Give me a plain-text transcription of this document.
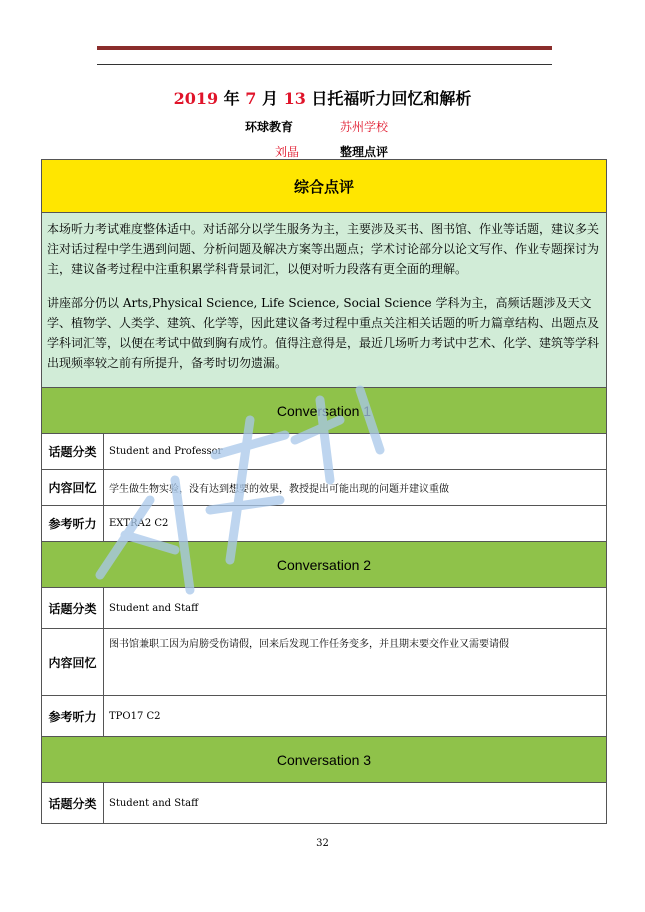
2019 年 7 月 13 日托福听力回忆和解析
环球教育	苏州学校
刘晶	整理点评
综合点评	

本场听力考试难度整体适中。对话部分以学生服务为主，主要涉及买书、图书馆、作业等话题，建议多关注对话过程中学生遇到问题、分析问题及解决方案等出题点；学术讨论部分以论文写作、作业专题探讨为主，建议备考过程中注重积累学科背景词汇，以便对听力段落有更全面的理解。

讲座部分仍以 Arts,Physical Science, Life Science, Social Science 学科为主，高频话题涉及天文学、植物学、人类学、建筑、化学等，因此建议备考过程中重点关注相关话题的听力篇章结构、出题点及学科词汇等，以便在考试中做到胸有成竹。值得注意得是，最近几场听力考试中艺术、化学、建筑等学科出现频率较之前有所提升，备考时切勿遗漏。	

Conversation 1	
话题分类	Student and Professor
内容回忆	学生做生物实验，没有达到想要的效果，教授提出可能出现的问题并建议重做
参考听力	EXTRA2 C2
Conversation 2	
话题分类	Student and Staff
内容回忆	图书馆兼职工因为肩膀受伤请假，回来后发现工作任务变多，并且期末要交作业又需要请假
参考听力	TPO17 C2
Conversation 3	
话题分类	Student and Staff
32
